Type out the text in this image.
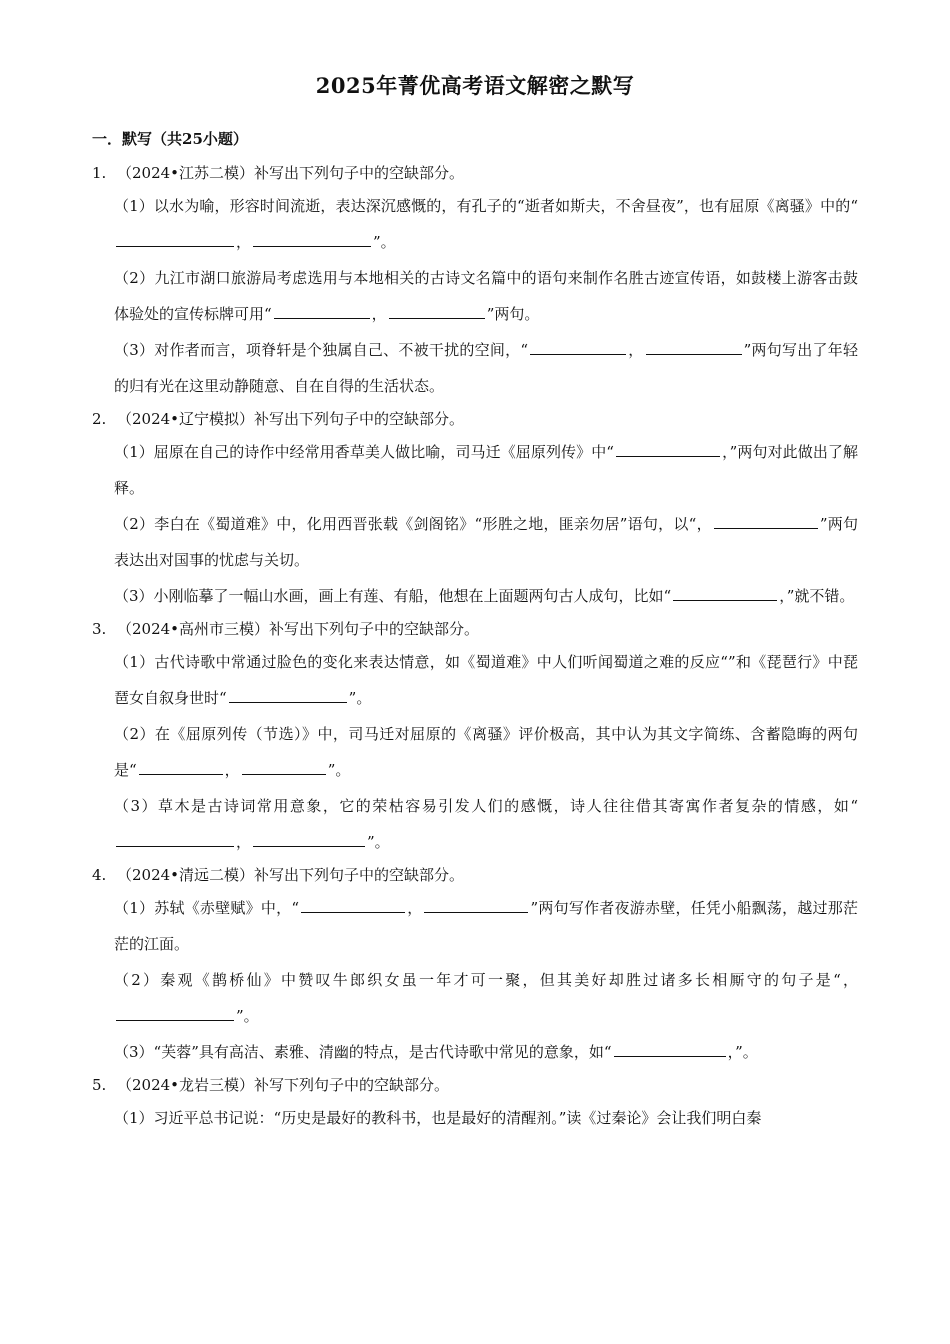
2025年菁优高考语文解密之默写
一．默写（共25小题）
1. （2024•江苏二模）补写出下列句子中的空缺部分。
（1）以水为喻，形容时间流逝，表达深沉感慨的，有孔子的“逝者如斯夫，不舍昼夜”，也有屈原《离骚》中的“，	”。
（2）九江市湖口旅游局考虑选用与本地相关的古诗文名篇中的语句来制作名胜古迹宣传语，如鼓楼上游客击鼓体验处的宣传标牌可用“	，	”两句。
（3）对作者而言，项脊轩是个独属自己、不被干扰的空间，“	，	”两句写出了年轻的归有光在这里动静随意、自在自得的生活状态。
2. （2024•辽宁模拟）补写出下列句子中的空缺部分。
（1）屈原在自己的诗作中经常用香草美人做比喻，司马迁《屈原列传》中“	，”两句对此做出了解释。
（2）李白在《蜀道难》中，化用西晋张载《剑阁铭》“形胜之地，匪亲勿居”语句，以“，	”两句表达出对国事的忧虑与关切。
（3）小刚临摹了一幅山水画，画上有莲、有船，他想在上面题两句古人成句，比如“	，”就不错。
3. （2024•高州市三模）补写出下列句子中的空缺部分。
（1）古代诗歌中常通过脸色的变化来表达情意，如《蜀道难》中人们听闻蜀道之难的反应“”和《琵琶行》中琵琶女自叙身世时“	”。
（2）在《屈原列传（节选）》中，司马迁对屈原的《离骚》评价极高，其中认为其文字简练、含蓄隐晦的两句是“	，	”。
（3）草木是古诗词常用意象，它的荣枯容易引发人们的感慨，诗人往往借其寄寓作者复杂的情感，如“，	”。
4. （2024•清远二模）补写出下列句子中的空缺部分。
（1）苏轼《赤壁赋》中，“	，	”两句写作者夜游赤壁，任凭小船飘荡，越过那茫茫的江面。
（2）秦观《鹊桥仙》中赞叹牛郎织女虽一年才可一聚，但其美好却胜过诸多长相厮守的句子是“，”。
（3）“芙蓉”具有高洁、素雅、清幽的特点，是古代诗歌中常见的意象，如“	，”。
5. （2024•龙岩三模）补写下列句子中的空缺部分。
（1）习近平总书记说：“历史是最好的教科书，也是最好的清醒剂。”读《过秦论》会让我们明白秦
